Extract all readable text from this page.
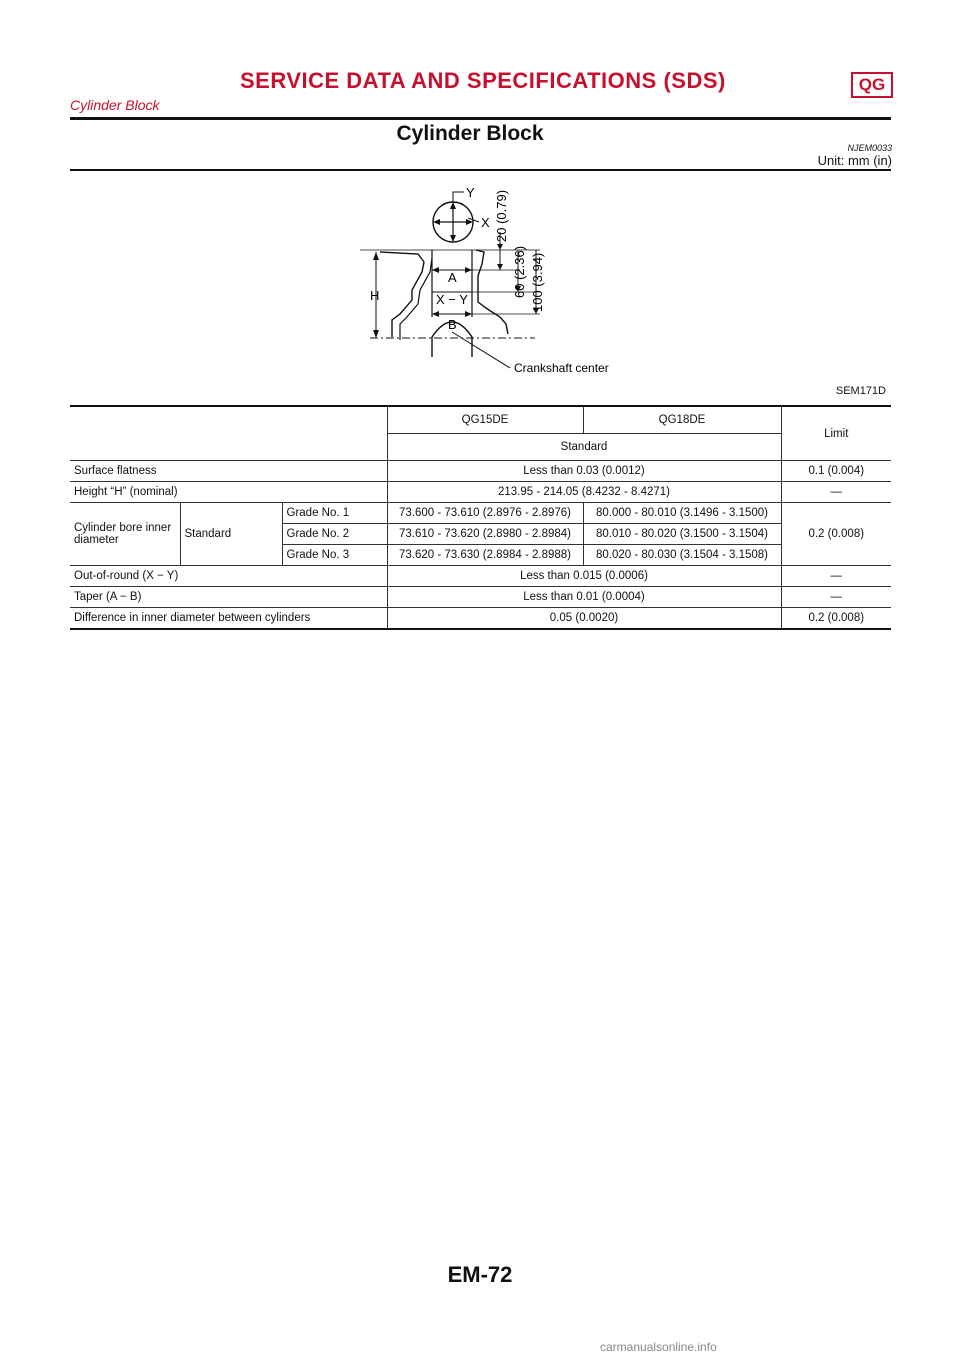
SERVICE DATA AND SPECIFICATIONS (SDS)	QG
Cylinder Block
Cylinder Block
NJEM0033
Unit: mm (in)
Y
X
H
A
X − Y
B
20 (0.79)
60 (2.36) 100 (3.94)
Crankshaft center
SEM171D
			QG15DE	QG18DE	Limit
			Standard		
Surface flatness			Less than 0.03 (0.0012)		0.1 (0.004)
Height “H” (nominal)			213.95 - 214.05 (8.4232 - 8.4271)		—
Cylinder bore inner diameter	Standard	Grade No. 1	73.600 - 73.610 (2.8976 - 2.8976)	80.000 - 80.010 (3.1496 - 3.1500)	0.2 (0.008)
		Grade No. 2	73.610 - 73.620 (2.8980 - 2.8984)	80.010 - 80.020 (3.1500 - 3.1504)	
		Grade No. 3	73.620 - 73.630 (2.8984 - 2.8988)	80.020 - 80.030 (3.1504 - 3.1508)	
Out-of-round (X − Y)			Less than 0.015 (0.0006)		—
Taper (A − B)			Less than 0.01 (0.0004)		—
Difference in inner diameter between cylinders			0.05 (0.0020)		0.2 (0.008)
EM-72
carmanualsonline.info
